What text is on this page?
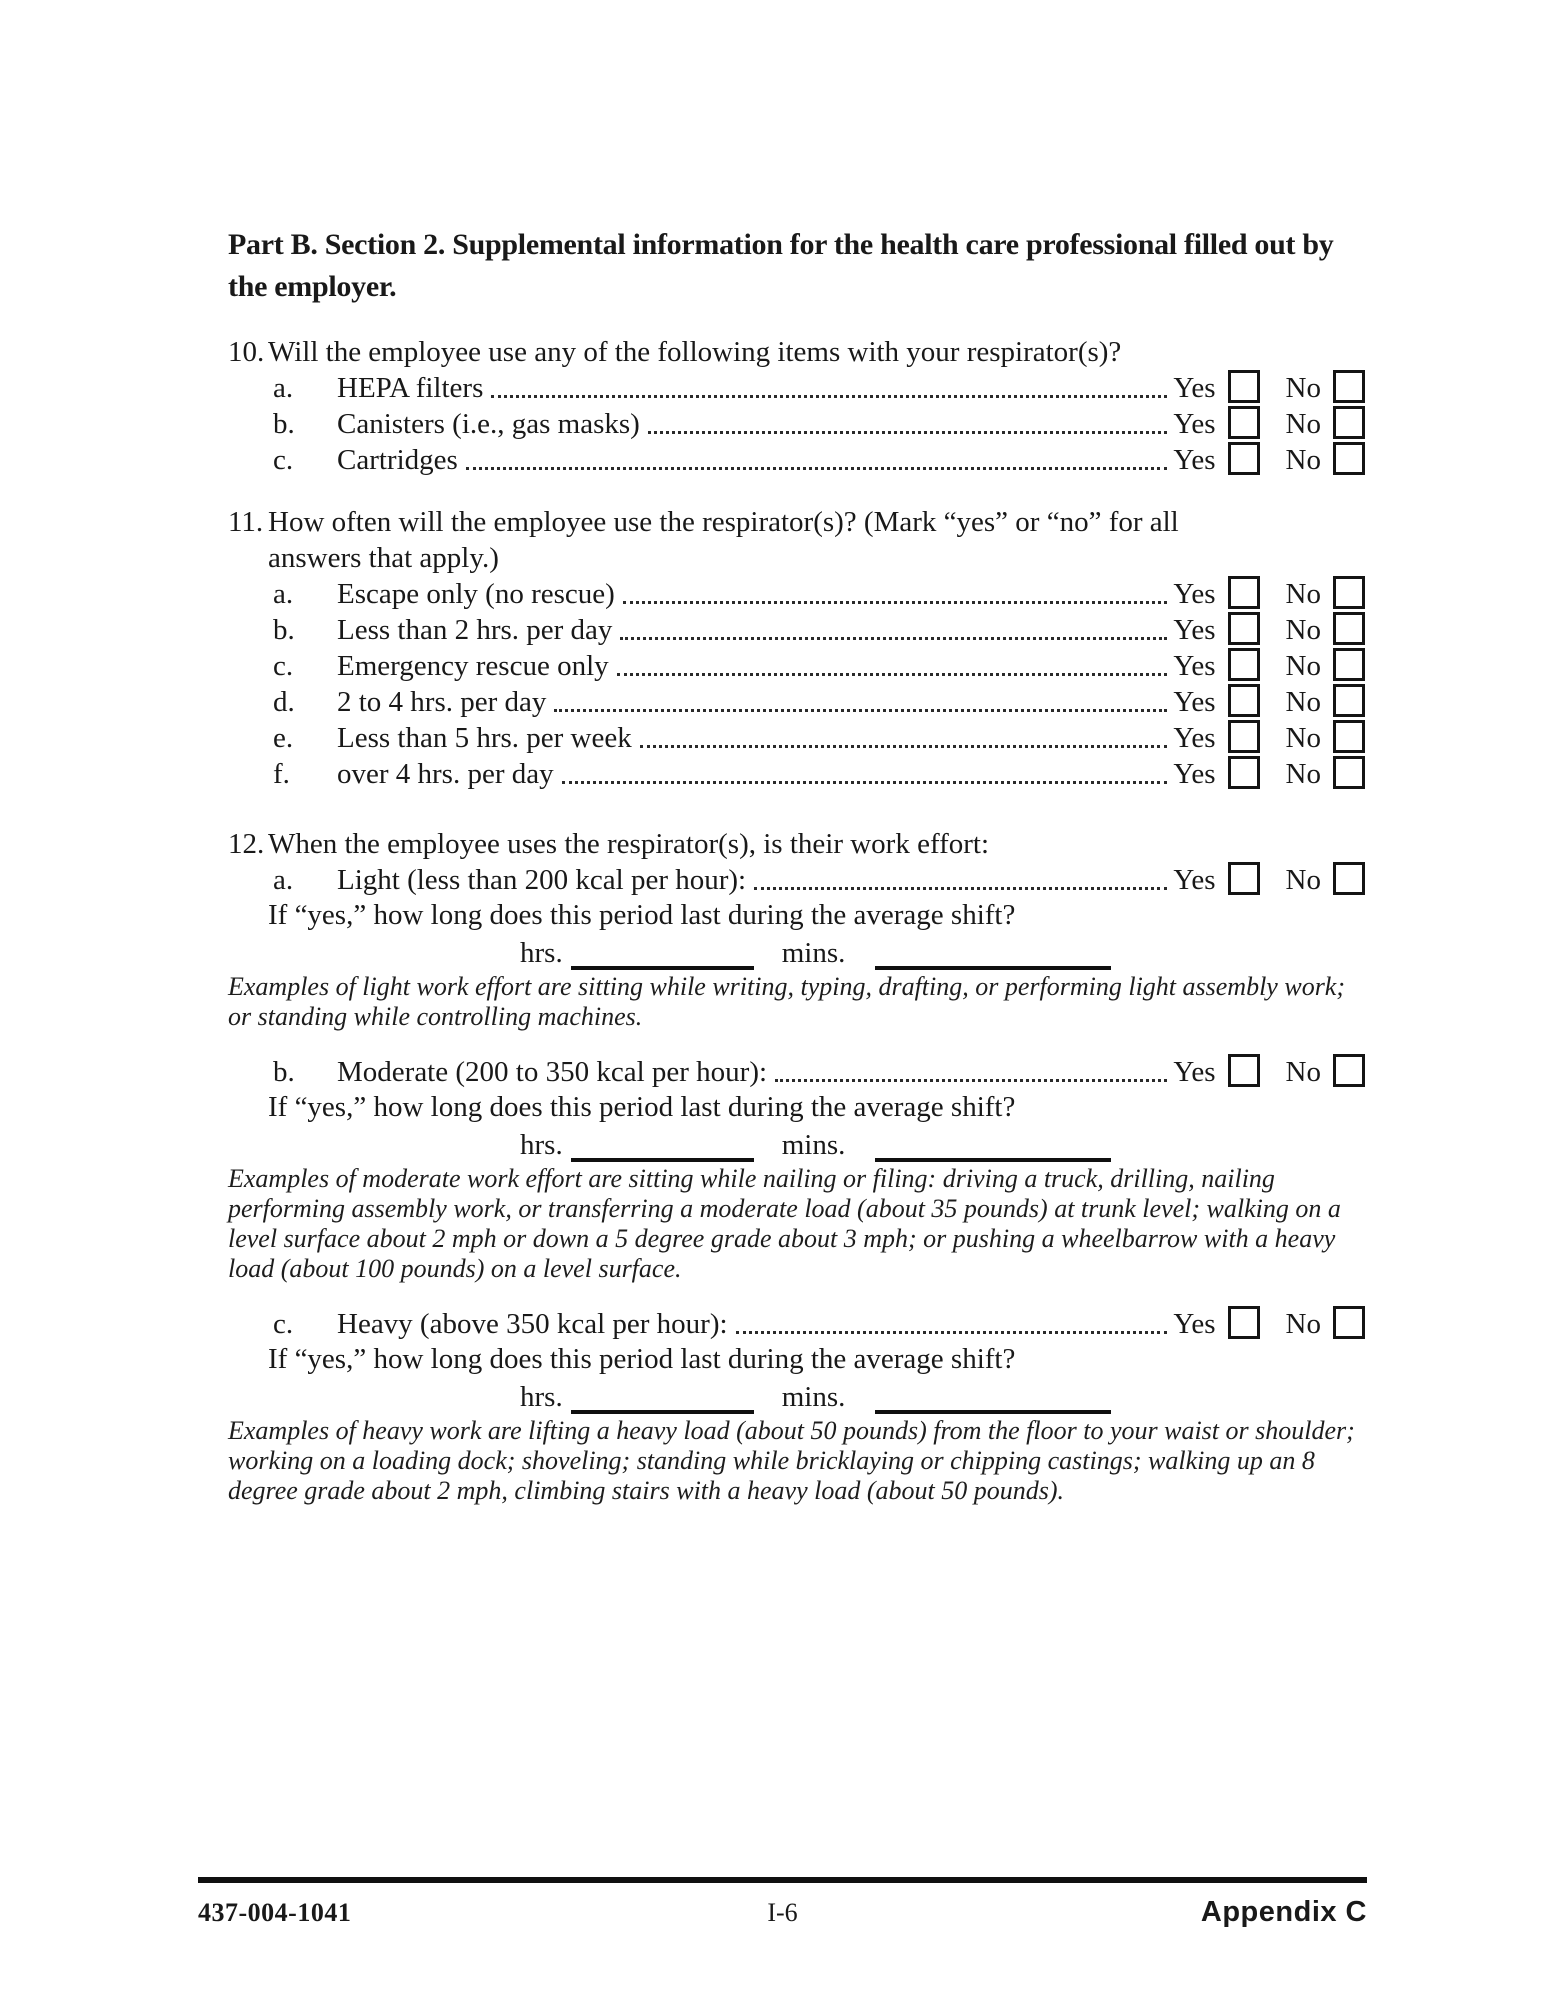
Part B. Section 2. Supplemental information for the health care professional filled out by the employer.
10. Will the employee use any of the following items with your respirator(s)?
a.	HEPA filters	Yes No
b.	Canisters (i.e., gas masks)	Yes No
c.	Cartridges	Yes No
11. How often will the employee use the respirator(s)? (Mark “yes” or “no” for all answers that apply.)
a.	Escape only (no rescue)	Yes No
b.	Less than 2 hrs. per day	Yes No
c.	Emergency rescue only	Yes No
d.	2 to 4 hrs. per day	Yes No
e.	Less than 5 hrs. per week	Yes No
f.	over 4 hrs. per day	Yes No
12. When the employee uses the respirator(s), is their work effort:
a.	Light (less than 200 kcal per hour):	Yes No
If “yes,” how long does this period last during the average shift?
hrs.	mins.
Examples of light work effort are sitting while writing, typing, drafting, or performing light assembly work; or standing while controlling machines.
b.	Moderate (200 to 350 kcal per hour):	Yes No
If “yes,” how long does this period last during the average shift?
hrs.	mins.
Examples of moderate work effort are sitting while nailing or filing: driving a truck, drilling, nailing performing assembly work, or transferring a moderate load (about 35 pounds) at trunk level; walking on a level surface about 2 mph or down a 5 degree grade about 3 mph; or pushing a wheelbarrow with a heavy load (about 100 pounds) on a level surface.
c.	Heavy (above 350 kcal per hour):	Yes No
If “yes,” how long does this period last during the average shift?
hrs.	mins.
Examples of heavy work are lifting a heavy load (about 50 pounds) from the floor to your waist or shoulder; working on a loading dock; shoveling; standing while bricklaying or chipping castings; walking up an 8 degree grade about 2 mph, climbing stairs with a heavy load (about 50 pounds).
437-004-1041	I-6	Appendix C
